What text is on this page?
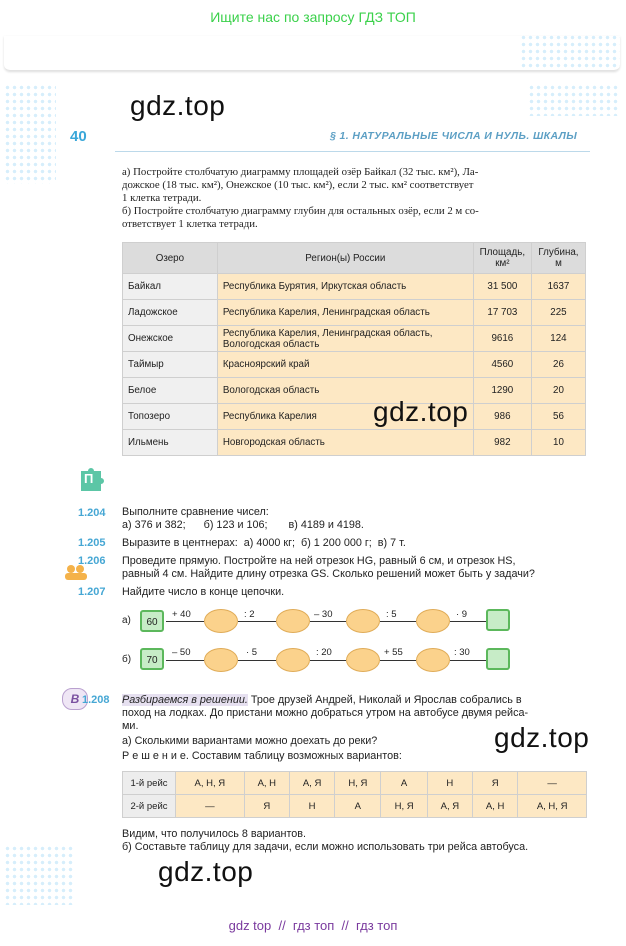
Ищите нас по запросу ГДЗ ТОП
gdz.top
40	§ 1. НАТУРАЛЬНЫЕ ЧИСЛА И НУЛЬ. ШКАЛЫ
а) Постройте столбчатую диаграмму площадей озёр Байкал (32 тыс. км²), Ла-
дожское (18 тыс. км²), Онежское (10 тыс. км²), если 2 тыс. км² соответствует
1 клетка тетради.
б) Постройте столбчатую диаграмму глубин для остальных озёр, если 2 м со-
ответствует 1 клетка тетради.
Озеро	Регион(ы) России	Площадь, км²	Глубина, м
Байкал	Республика Бурятия, Иркутская область	31 500	1637
Ладожское	Республика Карелия, Ленинградская область	17 703	225
Онежское	Республика Карелия, Ленинградская область, Вологодская область	9616	124
Таймыр	Красноярский край	4560	26
Белое	Вологодская область	1290	20
Топозеро	Республика Карелия	986	56
Ильмень	Новгородская область	982	10
gdz.top
П
1.204 Выполните сравнение чисел:
а) 376 и 382;      б) 123 и 106;       в) 4189 и 4198.
1.205 Выразите в центнерах:  а) 4000 кг;  б) 1 200 000 г;  в) 7 т.
1.206 Проведите прямую. Постройте на ней отрезок HG, равный 6 см, и отрезок HS,
равный 4 см. Найдите длину отрезка GS. Сколько решений может быть у задачи?
1.207 Найдите число в конце цепочки.
а)	60
+ 40	: 2	– 30	: 5	· 9
б)	70
– 50	· 5	: 20	+ 55	: 30
В 1.208 Разбираемся в решении. Трое друзей Андрей, Николай и Ярослав собрались в
поход на лодках. До пристани можно добраться утром на автобусе двумя рейса-
ми.
а) Сколькими вариантами можно доехать до реки?
Р е ш е н и е. Составим таблицу возможных вариантов:
gdz.top
1-й рейс	А, Н, Я	А, Н	А, Я	Н, Я	А	Н	Я	—
2-й рейс	—	Я	Н	А	Н, Я	А, Я	А, Н	А, Н, Я
Видим, что получилось 8 вариантов.
б) Составьте таблицу для задачи, если можно использовать три рейса автобуса.
gdz.top
gdz top  //  гдз топ  //  гдз топ
